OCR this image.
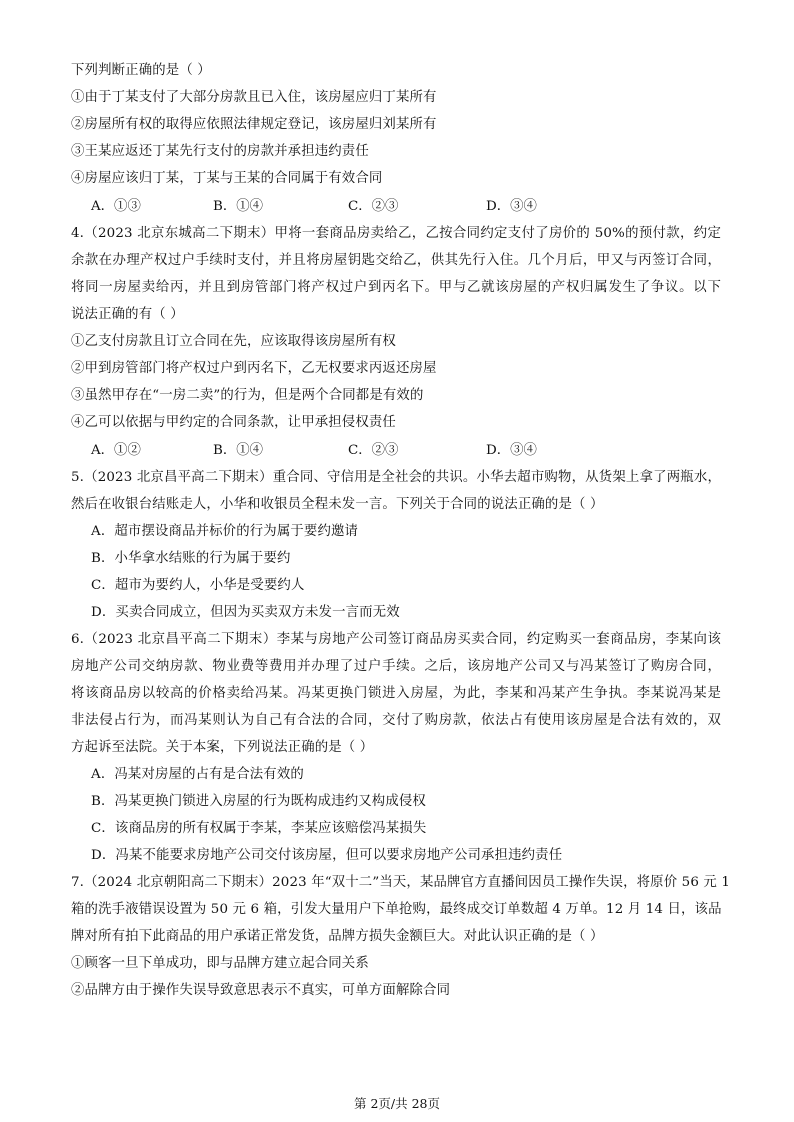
下列判断正确的是（ ）
①由于丁某支付了大部分房款且已入住，该房屋应归丁某所有
②房屋所有权的取得应依照法律规定登记，该房屋归刘某所有
③王某应返还丁某先行支付的房款并承担违约责任
④房屋应该归丁某，丁某与王某的合同属于有效合同
A．①③	B．①④	C．②③	D．③④
4.（2023 北京东城高二下期末）甲将一套商品房卖给乙，乙按合同约定支付了房价的 50%的预付款，约定
余款在办理产权过户手续时支付，并且将房屋钥匙交给乙，供其先行入住。几个月后，甲又与丙签订合同，
将同一房屋卖给丙，并且到房管部门将产权过户到丙名下。甲与乙就该房屋的产权归属发生了争议。以下
说法正确的有（ ）
①乙支付房款且订立合同在先，应该取得该房屋所有权
②甲到房管部门将产权过户到丙名下，乙无权要求丙返还房屋
③虽然甲存在“一房二卖”的行为，但是两个合同都是有效的
④乙可以依据与甲约定的合同条款，让甲承担侵权责任
A．①②	B．①④	C．②③	D．③④
5.（2023 北京昌平高二下期末）重合同、守信用是全社会的共识。小华去超市购物，从货架上拿了两瓶水，
然后在收银台结账走人，小华和收银员全程未发一言。下列关于合同的说法正确的是（ ）
A．超市摆设商品并标价的行为属于要约邀请
B．小华拿水结账的行为属于要约
C．超市为要约人，小华是受要约人
D．买卖合同成立，但因为买卖双方未发一言而无效
6.（2023 北京昌平高二下期末）李某与房地产公司签订商品房买卖合同，约定购买一套商品房，李某向该
房地产公司交纳房款、物业费等费用并办理了过户手续。之后，该房地产公司又与冯某签订了购房合同，
将该商品房以较高的价格卖给冯某。冯某更换门锁进入房屋，为此，李某和冯某产生争执。李某说冯某是
非法侵占行为，而冯某则认为自己有合法的合同，交付了购房款，依法占有使用该房屋是合法有效的，双
方起诉至法院。关于本案，下列说法正确的是（ ）
A．冯某对房屋的占有是合法有效的
B．冯某更换门锁进入房屋的行为既构成违约又构成侵权
C．该商品房的所有权属于李某，李某应该赔偿冯某损失
D．冯某不能要求房地产公司交付该房屋，但可以要求房地产公司承担违约责任
7.（2024 北京朝阳高二下期末）2023 年“双十二”当天，某品牌官方直播间因员工操作失误，将原价 56 元 1
箱的洗手液错误设置为 50 元 6 箱，引发大量用户下单抢购，最终成交订单数超 4 万单。12 月 14 日，该品
牌对所有拍下此商品的用户承诺正常发货，品牌方损失金额巨大。对此认识正确的是（ ）
①顾客一旦下单成功，即与品牌方建立起合同关系
②品牌方由于操作失误导致意思表示不真实，可单方面解除合同
第 2页/共 28页
